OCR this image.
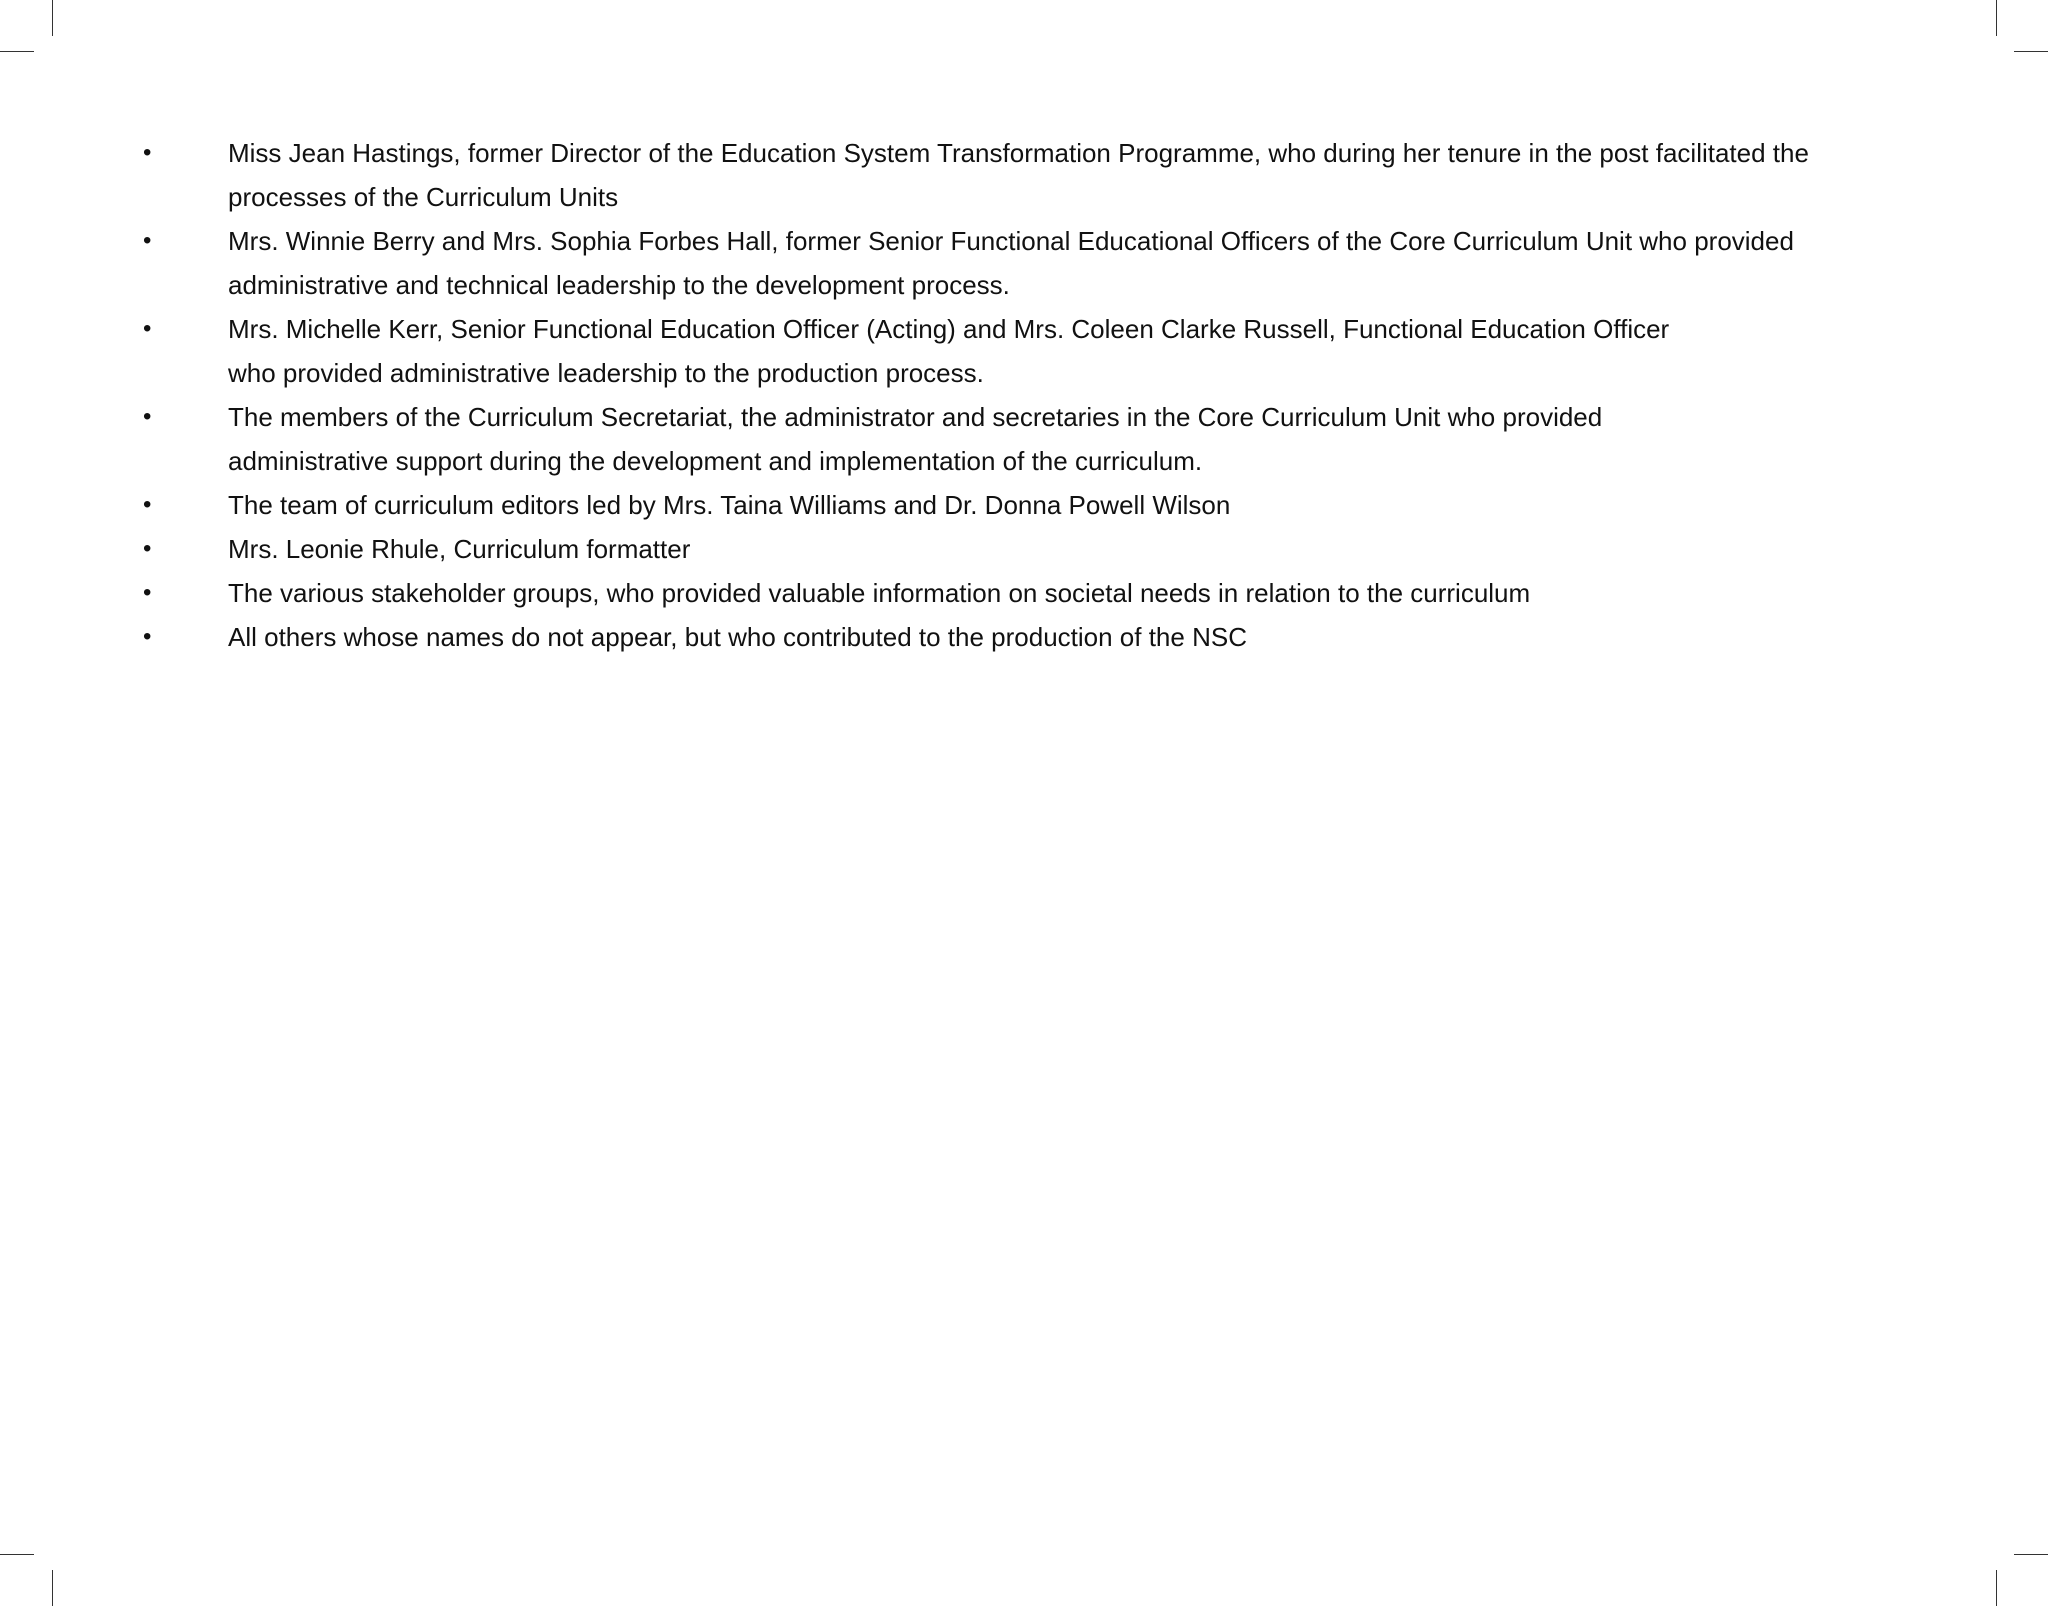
•	Miss Jean Hastings, former Director of the Education System Transformation Programme, who during her tenure in the post facilitated the
processes of the Curriculum Units
•	Mrs. Winnie Berry and Mrs. Sophia Forbes Hall, former Senior Functional Educational Officers of the Core Curriculum Unit who provided
administrative and technical leadership to the development process.
•	Mrs. Michelle Kerr, Senior Functional Education Officer (Acting) and Mrs. Coleen Clarke Russell, Functional Education Officer
who provided administrative leadership to the production process.
•	The members of the Curriculum Secretariat, the administrator and secretaries in the Core Curriculum Unit who provided
administrative support during the development and implementation of the curriculum.
•	The team of curriculum editors led by Mrs. Taina Williams and Dr. Donna Powell Wilson
•	Mrs. Leonie Rhule, Curriculum formatter
•	The various stakeholder groups, who provided valuable information on societal needs in relation to the curriculum
•	All others whose names do not appear, but who contributed to the production of the NSC
